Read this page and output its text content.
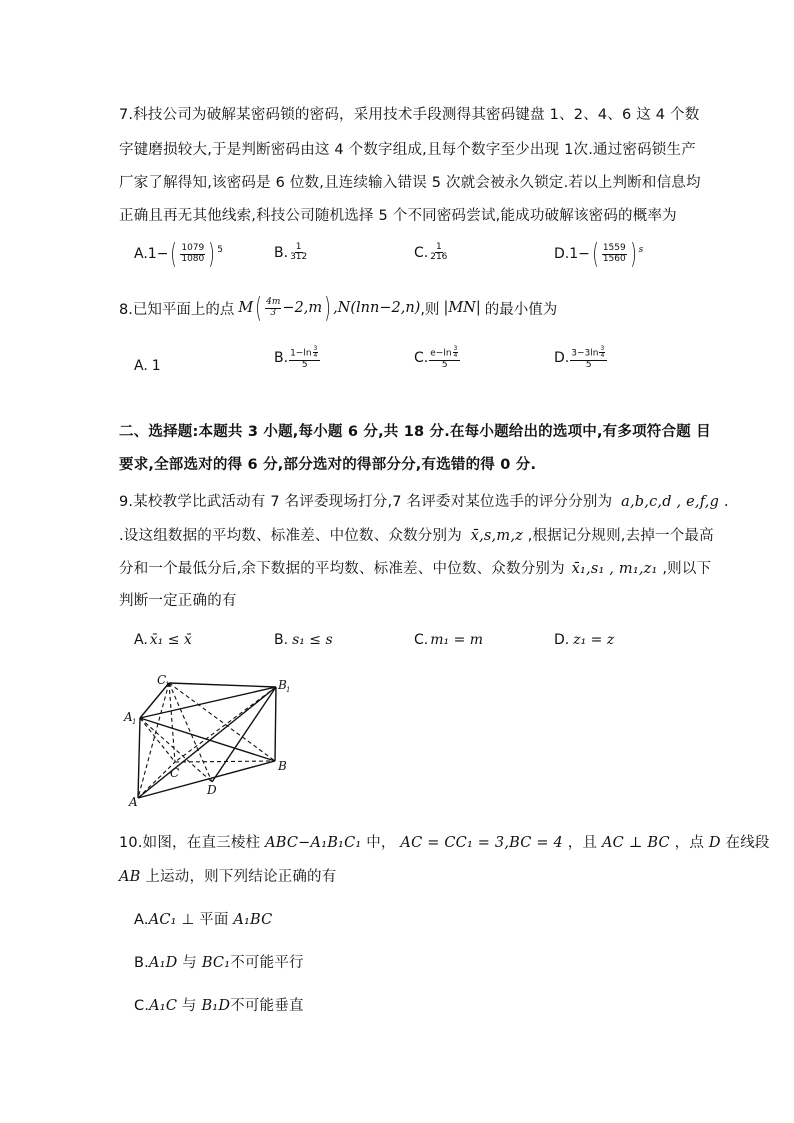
7.科技公司为破解某密码锁的密码，采用技术手段测得其密码键盘 1、2、4、6 这 4 个数
字键磨损较大,于是判断密码由这 4 个数字组成,且每个数字至少出现 1次.通过密码锁生产
厂家了解得知,该密码是 6 位数,且连续输入错误 5 次就会被永久锁定.若以上判断和信息均
正确且再无其他线索,科技公司随机选择 5 个不同密码尝试,能成功破解该密码的概率为
A. 1− ( $\frac{1079}{1080}$ ) 5	B. $\frac{1}{312}$	C. $\frac{1}{216}$	D. 1− ( $\frac{1559}{1560}$ ) s
8.已知平面上的点 M ( $\frac{4m}{3} -2,m$ ) ,N(lnn−2,n) ,则 |MN| 的最小值为
A. 1	B. $\frac{1-\ln \frac{3}{4}}{5}$	C. $\frac{e-\ln \frac{3}{4}}{5}$	D. $\frac{3-3\ln \frac{3}{4}}{5}$
二、选择题:本题共 3 小题,每小题 6 分,共 18 分.在每小题给出的选项中,有多项符合题 目
要求,全部选对的得 6 分,部分选对的得部分分,有选错的得 0 分.
9.某校教学比武活动有 7 名评委现场打分,7 名评委对某位选手的评分分别为 a,b,c,d , e,f,g .
.设这组数据的平均数、标准差、中位数、众数分别为 x̄,s,m,z ,根据记分规则,去掉一个最高
分和一个最低分后,余下数据的平均数、标准差、中位数、众数分别为 x̄₁,s₁ , m₁,z₁ ,则以下
判断一定正确的有
A. x̄₁ ≤ x̄	B. s₁ ≤ s	C. m₁ = m	D. z₁ = z
C
1	B 1
A 1
C	B
A
D
10.如图，在直三棱柱 ABC−A₁B₁C₁ 中， AC = CC₁ = 3,BC = 4 ，且 AC ⊥ BC ，点 D 在线段
AB 上运动，则下列结论正确的有
A.AC₁ ⊥ 平面 A₁BC
B.A₁D 与 BC₁不可能平行
C.A₁C 与 B₁D不可能垂直
